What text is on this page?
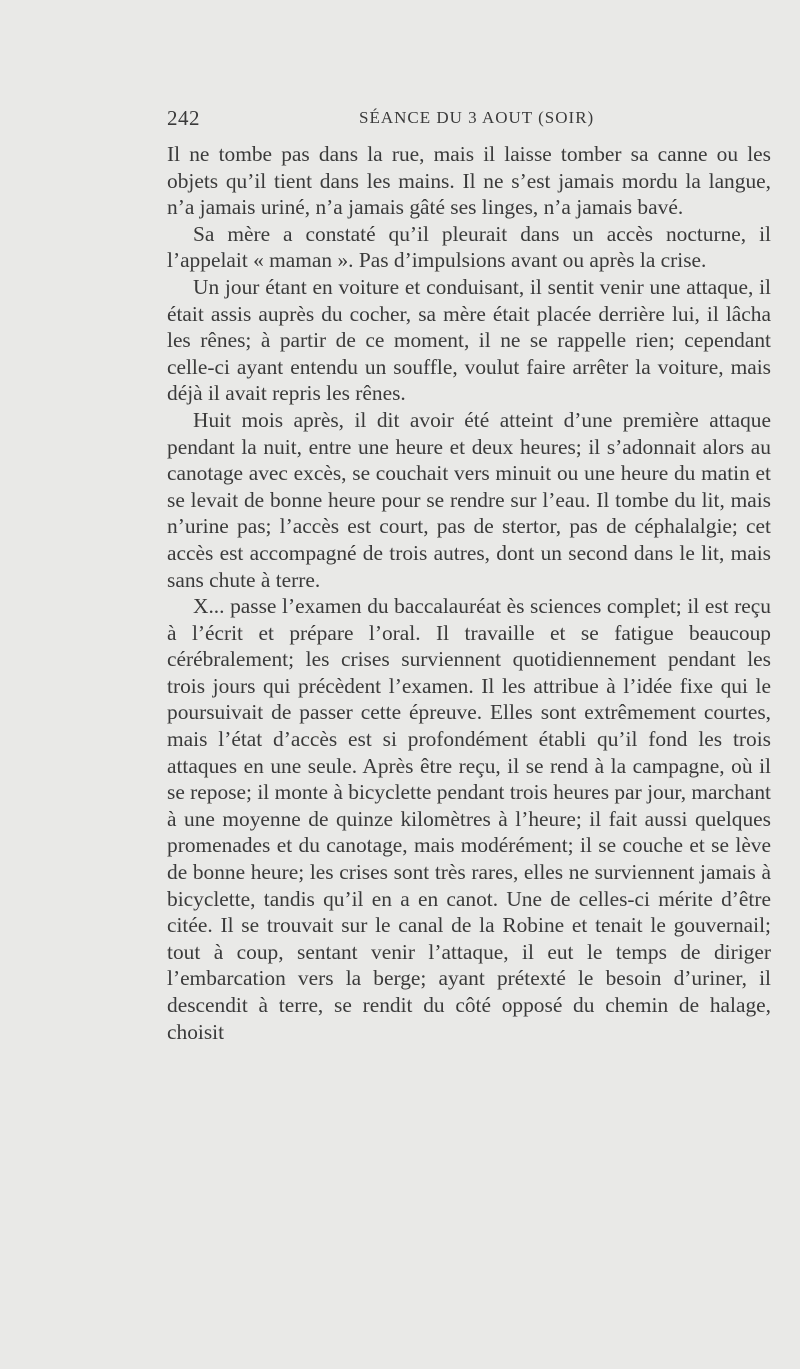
242	SÉANCE DU 3 AOUT (SOIR)

Il ne tombe pas dans la rue, mais il laisse tomber sa canne ou les objets qu’il tient dans les mains. Il ne s’est jamais mordu la langue, n’a jamais uriné, n’a jamais gâté ses linges, n’a jamais bavé.

Sa mère a constaté qu’il pleurait dans un accès nocturne, il l’appelait « maman ». Pas d’impulsions avant ou après la crise.

Un jour étant en voiture et conduisant, il sentit venir une attaque, il était assis auprès du cocher, sa mère était placée derrière lui, il lâcha les rênes; à partir de ce moment, il ne se rappelle rien; cependant celle-ci ayant entendu un souffle, voulut faire arrêter la voiture, mais déjà il avait repris les rênes.

Huit mois après, il dit avoir été atteint d’une première attaque pendant la nuit, entre une heure et deux heures; il s’adonnait alors au canotage avec excès, se couchait vers minuit ou une heure du matin et se levait de bonne heure pour se rendre sur l’eau. Il tombe du lit, mais n’urine pas; l’accès est court, pas de stertor, pas de céphalalgie; cet accès est accompagné de trois autres, dont un second dans le lit, mais sans chute à terre.

X... passe l’examen du baccalauréat ès sciences complet; il est reçu à l’écrit et prépare l’oral. Il travaille et se fatigue beaucoup cérébralement; les crises surviennent quotidiennement pendant les trois jours qui précèdent l’examen. Il les attribue à l’idée fixe qui le poursuivait de passer cette épreuve. Elles sont extrêmement courtes, mais l’état d’accès est si profondément établi qu’il fond les trois attaques en une seule. Après être reçu, il se rend à la campagne, où il se repose; il monte à bicyclette pendant trois heures par jour, marchant à une moyenne de quinze kilomètres à l’heure; il fait aussi quelques promenades et du canotage, mais modérément; il se couche et se lève de bonne heure; les crises sont très rares, elles ne surviennent jamais à bicyclette, tandis qu’il en a en canot. Une de celles-ci mérite d’être citée. Il se trouvait sur le canal de la Robine et tenait le gouvernail; tout à coup, sentant venir l’attaque, il eut le temps de diriger l’embarcation vers la berge; ayant prétexté le besoin d’uriner, il descendit à terre, se rendit du côté opposé du chemin de halage, choisit
